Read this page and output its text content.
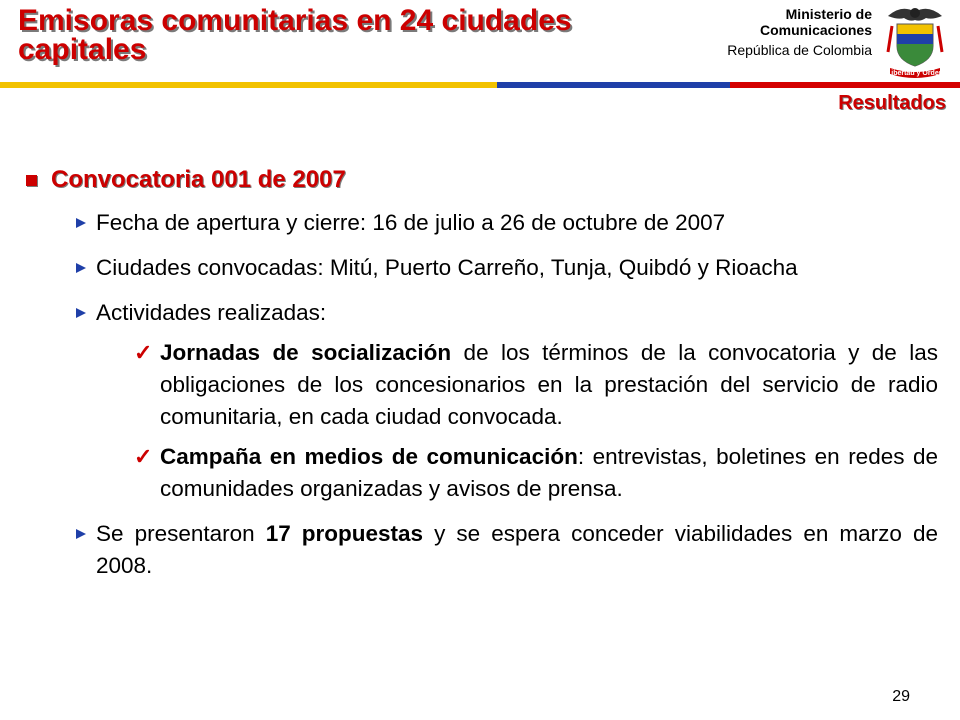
Emisoras comunitarias en 24 ciudades capitales
Ministerio de
Comunicaciones
República de Colombia
Libertad y Orden
Resultados
Convocatoria 001 de 2007
Fecha de apertura y cierre: 16 de julio a 26 de octubre de 2007
Ciudades convocadas: Mitú, Puerto Carreño, Tunja, Quibdó y Rioacha
Actividades realizadas:
✓ Jornadas de socialización de los términos de la convocatoria y de las obligaciones de los concesionarios en la prestación del servicio de radio comunitaria, en cada ciudad convocada.
✓ Campaña en medios de comunicación: entrevistas, boletines en redes de comunidades organizadas y avisos de prensa.
Se presentaron 17 propuestas y se espera conceder viabilidades en marzo de 2008.
29
